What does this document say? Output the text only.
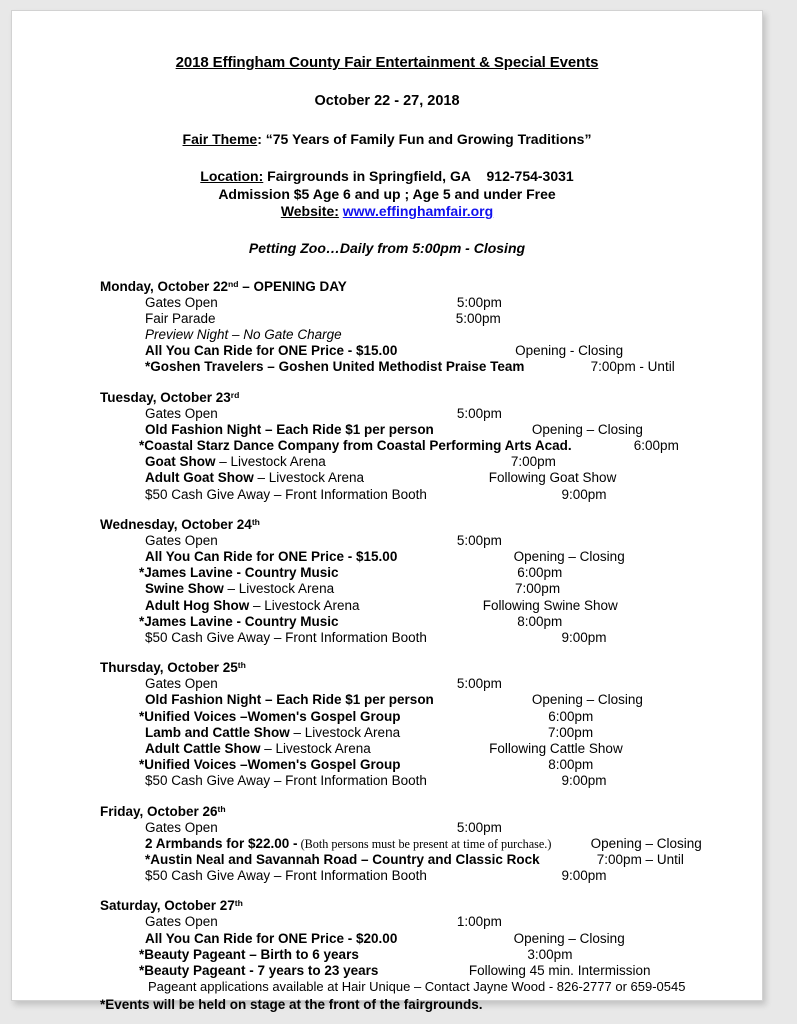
2018 Effingham County Fair Entertainment & Special Events
October 22 - 27, 2018
Fair Theme: “75 Years of Family Fun and Growing Traditions”
Location: Fairgrounds in Springfield, GA 912-754-3031
Admission $5 Age 6 and up ; Age 5 and under Free
Website: www.effinghamfair.org
Petting Zoo…Daily from 5:00pm - Closing
Monday, October 22nd – OPENING DAY
Gates Open	5:00pm
Fair Parade	5:00pm
Preview Night – No Gate Charge
All You Can Ride for ONE Price - $15.00	Opening - Closing
*Goshen Travelers – Goshen United Methodist Praise Team	7:00pm - Until
Tuesday, October 23rd
Gates Open	5:00pm
Old Fashion Night – Each Ride $1 per person	Opening – Closing
*Coastal Starz Dance Company from Coastal Performing Arts Acad.	6:00pm
Goat Show – Livestock Arena	7:00pm
Adult Goat Show – Livestock Arena	Following Goat Show
$50 Cash Give Away – Front Information Booth	9:00pm
Wednesday, October 24th
Gates Open	5:00pm
All You Can Ride for ONE Price - $15.00	Opening – Closing
*James Lavine - Country Music	6:00pm
Swine Show – Livestock Arena	7:00pm
Adult Hog Show – Livestock Arena	Following Swine Show
*James Lavine - Country Music	8:00pm
$50 Cash Give Away – Front Information Booth	9:00pm
Thursday, October 25th
Gates Open	5:00pm
Old Fashion Night – Each Ride $1 per person	Opening – Closing
*Unified Voices –Women's Gospel Group	6:00pm
Lamb and Cattle Show – Livestock Arena	7:00pm
Adult Cattle Show – Livestock Arena	Following Cattle Show
*Unified Voices –Women's Gospel Group	8:00pm
$50 Cash Give Away – Front Information Booth	9:00pm
Friday, October 26th
Gates Open	5:00pm
2 Armbands for $22.00 - (Both persons must be present at time of purchase.)	Opening – Closing
*Austin Neal and Savannah Road – Country and Classic Rock	7:00pm – Until
$50 Cash Give Away – Front Information Booth	9:00pm
Saturday, October 27th
Gates Open	1:00pm
All You Can Ride for ONE Price - $20.00	Opening – Closing
*Beauty Pageant – Birth to 6 years	3:00pm
*Beauty Pageant - 7 years to 23 years	Following 45 min. Intermission
Pageant applications available at Hair Unique – Contact Jayne Wood - 826-2777 or 659-0545
*Events will be held on stage at the front of the fairgrounds.
